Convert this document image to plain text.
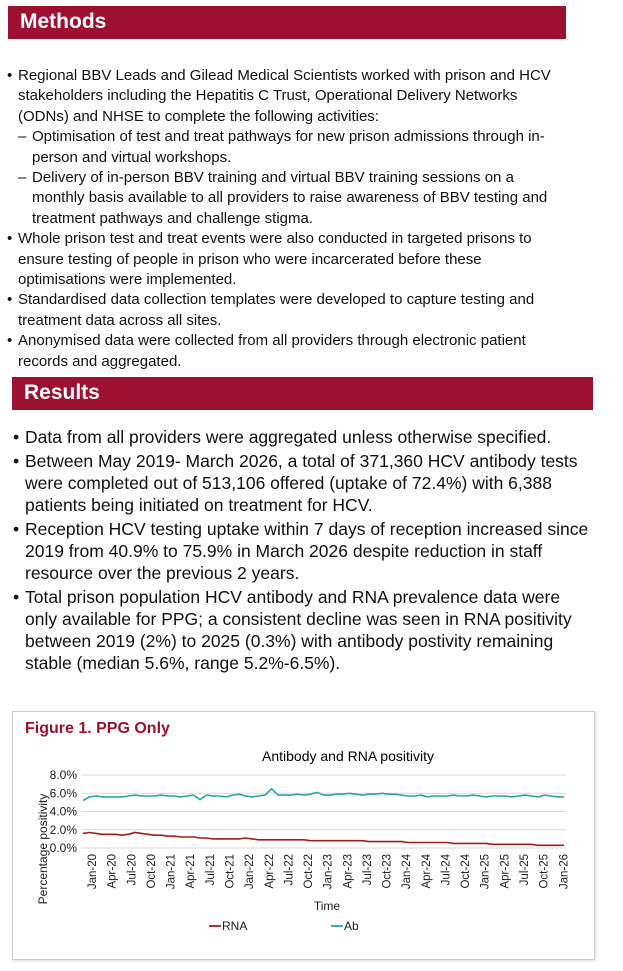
Methods
• Regional BBV Leads and Gilead Medical Scientists worked with prison and HCV stakeholders including the Hepatitis C Trust, Operational Delivery Networks (ODNs) and NHSE to complete the following activities:
– Optimisation of test and treat pathways for new prison admissions through in-person and virtual workshops.
– Delivery of in-person BBV training and virtual BBV training sessions on a monthly basis available to all providers to raise awareness of BBV testing and treatment pathways and challenge stigma.
• Whole prison test and treat events were also conducted in targeted prisons to ensure testing of people in prison who were incarcerated before these optimisations were implemented.
• Standardised data collection templates were developed to capture testing and treatment data across all sites.
• Anonymised data were collected from all providers through electronic patient records and aggregated.
Results
• Data from all providers were aggregated unless otherwise specified.
• Between May 2019- March 2026, a total of 371,360 HCV antibody tests were completed out of 513,106 offered (uptake of 72.4%) with 6,388 patients being initiated on treatment for HCV.
• Reception HCV testing uptake within 7 days of reception increased since 2019 from 40.9% to 75.9% in March 2026 despite reduction in staff resource over the previous 2 years.
• Total prison population HCV antibody and RNA prevalence data were only available for PPG; a consistent decline was seen in RNA positivity between 2019 (2%) to 2025 (0.3%) with antibody postivity remaining stable (median 5.6%, range 5.2%-6.5%).
Figure 1. PPG Only
Antibody and RNA positivity
0.0%
2.0%
4.0%
6.0%
8.0%
Jan-20 Apr-20 Jul-20 Oct-20 Jan-21 Apr-21 Jul-21 Oct-21 Jan-22 Apr-22 Jul-22 Oct-22 Jan-23 Apr-23 Jul-23 Oct-23 Jan-24 Apr-24 Jul-24 Oct-24 Jan-25 Apr-25 Jul-25 Oct-25 Jan-26
Percentage positivity
Time
RNA	Ab
